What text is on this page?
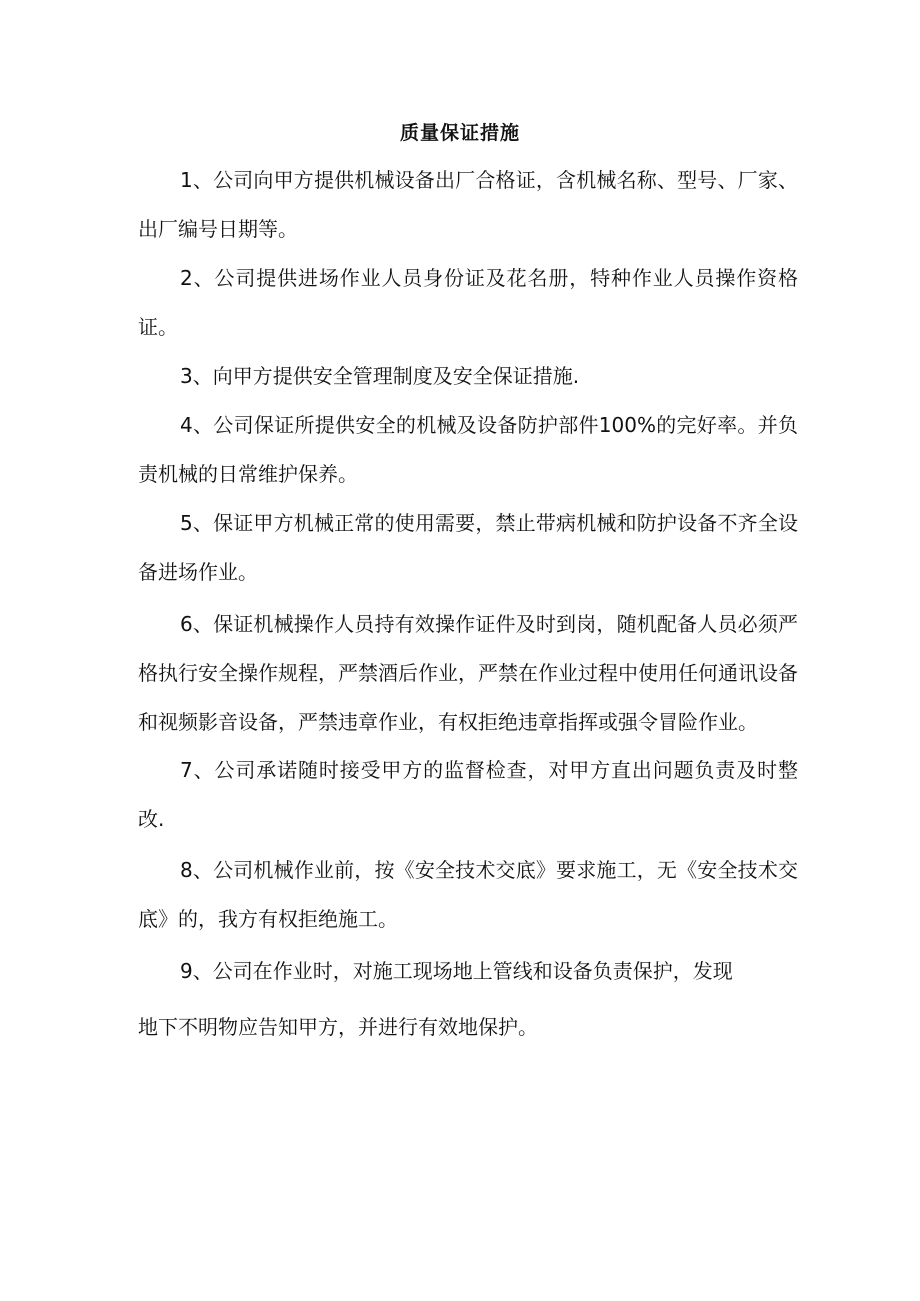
质量保证措施
1、公司向甲方提供机械设备出厂合格证，含机械名称、型号、厂家、出厂编号日期等。
2、公司提供进场作业人员身份证及花名册，特种作业人员操作资格证。
3、向甲方提供安全管理制度及安全保证措施.
4、公司保证所提供安全的机械及设备防护部件100%的完好率。并负责机械的日常维护保养。
5、保证甲方机械正常的使用需要，禁止带病机械和防护设备不齐全设备进场作业。
6、保证机械操作人员持有效操作证件及时到岗，随机配备人员必须严格执行安全操作规程，严禁酒后作业，严禁在作业过程中使用任何通讯设备和视频影音设备，严禁违章作业，有权拒绝违章指挥或强令冒险作业。
7、公司承诺随时接受甲方的监督检查，对甲方直出问题负责及时整改.
8、公司机械作业前，按《安全技术交底》要求施工，无《安全技术交底》的，我方有权拒绝施工。
9、公司在作业时，对施工现场地上管线和设备负责保护，发现
地下不明物应告知甲方，并进行有效地保护。
